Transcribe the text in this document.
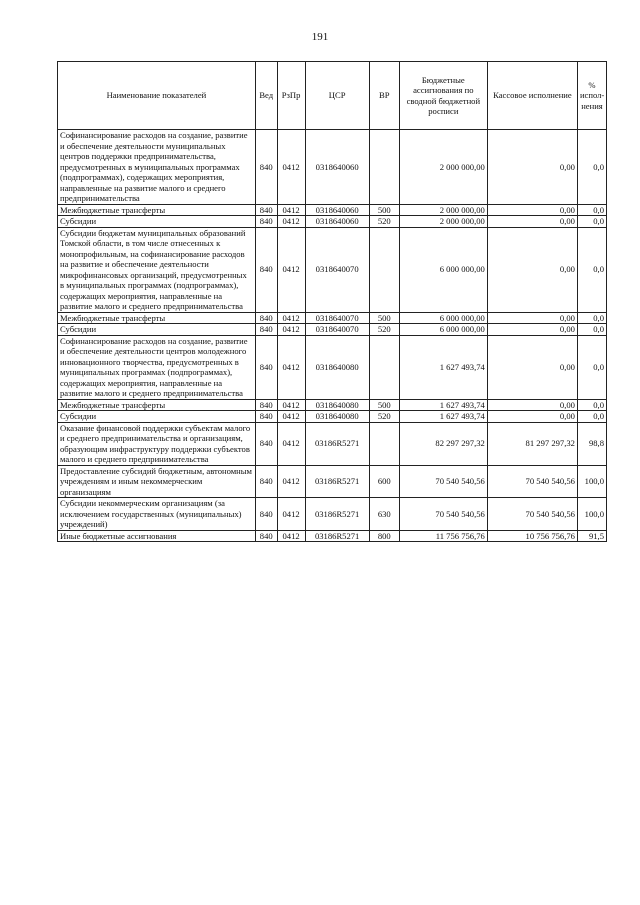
191
Наименование показателей	Вед	РзПр	ЦСР	ВР	Бюджетные ассигнования по сводной бюджетной росписи	Кассовое исполнение	% испол-нения
Софинансирование расходов на создание, развитие и обеспечение деятельности муниципальных центров поддержки предпринимательства, предусмотренных в муниципальных программах (подпрограммах), содержащих мероприятия, направленные на развитие малого и среднего предпринимательства	840	0412	0318640060		2 000 000,00	0,00	0,0
Межбюджетные трансферты	840	0412	0318640060	500	2 000 000,00	0,00	0,0
Субсидии	840	0412	0318640060	520	2 000 000,00	0,00	0,0
Субсидии бюджетам муниципальных образований Томской области, в том числе отнесенных к монопрофильным, на софинансирование расходов на развитие и обеспечение деятельности микрофинансовых организаций, предусмотренных в муниципальных программах (подпрограммах), содержащих мероприятия, направленные на развитие малого и среднего предпринимательства	840	0412	0318640070		6 000 000,00	0,00	0,0
Межбюджетные трансферты	840	0412	0318640070	500	6 000 000,00	0,00	0,0
Субсидии	840	0412	0318640070	520	6 000 000,00	0,00	0,0
Софинансирование расходов на создание, развитие и обеспечение деятельности центров молодежного инновационного творчества, предусмотренных в муниципальных программах (подпрограммах), содержащих мероприятия, направленные на развитие малого и среднего предпринимательства	840	0412	0318640080		1 627 493,74	0,00	0,0
Межбюджетные трансферты	840	0412	0318640080	500	1 627 493,74	0,00	0,0
Субсидии	840	0412	0318640080	520	1 627 493,74	0,00	0,0
Оказание финансовой поддержки субъектам малого и среднего предпринимательства и организациям, образующим инфраструктуру поддержки субъектов малого и среднего предпринимательства	840	0412	03186R5271		82 297 297,32	81 297 297,32	98,8
Предоставление субсидий бюджетным, автономным учреждениям и иным некоммерческим организациям	840	0412	03186R5271	600	70 540 540,56	70 540 540,56	100,0
Субсидии некоммерческим организациям (за исключением государственных (муниципальных) учреждений)	840	0412	03186R5271	630	70 540 540,56	70 540 540,56	100,0
Иные бюджетные ассигнования	840	0412	03186R5271	800	11 756 756,76	10 756 756,76	91,5
